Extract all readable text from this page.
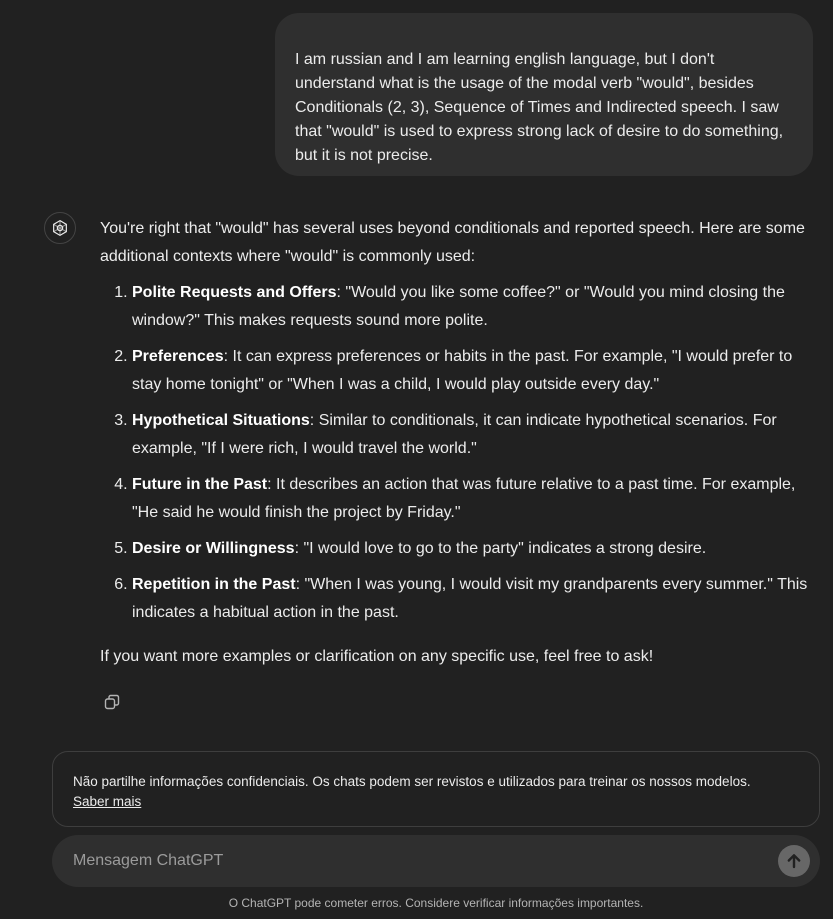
I am russian and I am learning english language, but I don't understand what is the usage of the modal verb "would", besides Conditionals (2, 3), Sequence of Times and Indirected speech. I saw that "would" is used to express strong lack of desire to do something, but it is not precise.

You're right that "would" has several uses beyond conditionals and reported speech. Here are some additional contexts where "would" is commonly used:

1. Polite Requests and Offers: "Would you like some coffee?" or "Would you mind closing the window?" This makes requests sound more polite.
2. Preferences: It can express preferences or habits in the past. For example, "I would prefer to stay home tonight" or "When I was a child, I would play outside every day."
3. Hypothetical Situations: Similar to conditionals, it can indicate hypothetical scenarios. For example, "If I were rich, I would travel the world."
4. Future in the Past: It describes an action that was future relative to a past time. For example, "He said he would finish the project by Friday."
5. Desire or Willingness: "I would love to go to the party" indicates a strong desire.
6. Repetition in the Past: "When I was young, I would visit my grandparents every summer." This indicates a habitual action in the past.

If you want more examples or clarification on any specific use, feel free to ask!

Não partilhe informações confidenciais. Os chats podem ser revistos e utilizados para treinar os nossos modelos.
Saber mais
Mensagem ChatGPT
O ChatGPT pode cometer erros. Considere verificar informações importantes.
